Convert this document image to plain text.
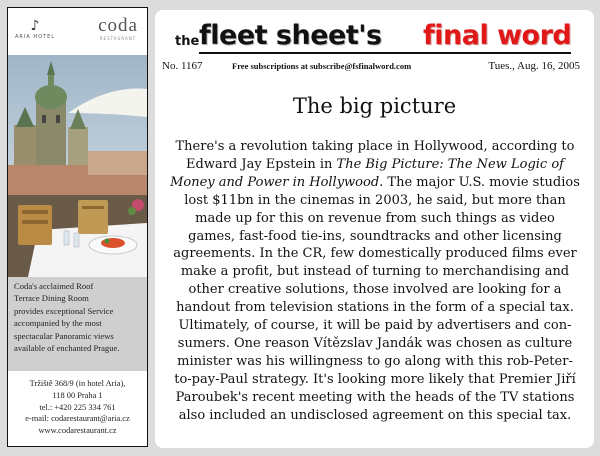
♪
ARIA HOTEL
coda
RESTAURANT
Coda's acclaimed Roof
Terrace Dining Room
provides exceptional Service
accompanied by the most
spectacular Panoramic views
available of enchanted Prague.
Tržiště 368/9 (in hotel Aria),
118 00 Praha 1
tel.: +420 225 334 761
e-mail: codarestaurant@aria.cz
www.codarestaurant.cz
the fleet sheet's final word
No. 1167	Free subscriptions at subscribe@fsfinalword.com	Tues., Aug. 16, 2005
The big picture
There's a revolution taking place in Hollywood, according to
Edward Jay Epstein in The Big Picture: The New Logic of
Money and Power in Hollywood. The major U.S. movie studios
lost $11bn in the cinemas in 2003, he said, but more than
made up for this on revenue from such things as video
games, fast-food tie-ins, soundtracks and other licensing
agreements. In the CR, few domestically produced films ever
make a profit, but instead of turning to merchandising and
other creative solutions, those involved are looking for a
handout from television stations in the form of a special tax.
Ultimately, of course, it will be paid by advertisers and con-
sumers. One reason Vítězslav Jandák was chosen as culture
minister was his willingness to go along with this rob-Peter-
to-pay-Paul strategy. It's looking more likely that Premier Jiří
Paroubek's recent meeting with the heads of the TV stations
also included an undisclosed agreement on this special tax.
